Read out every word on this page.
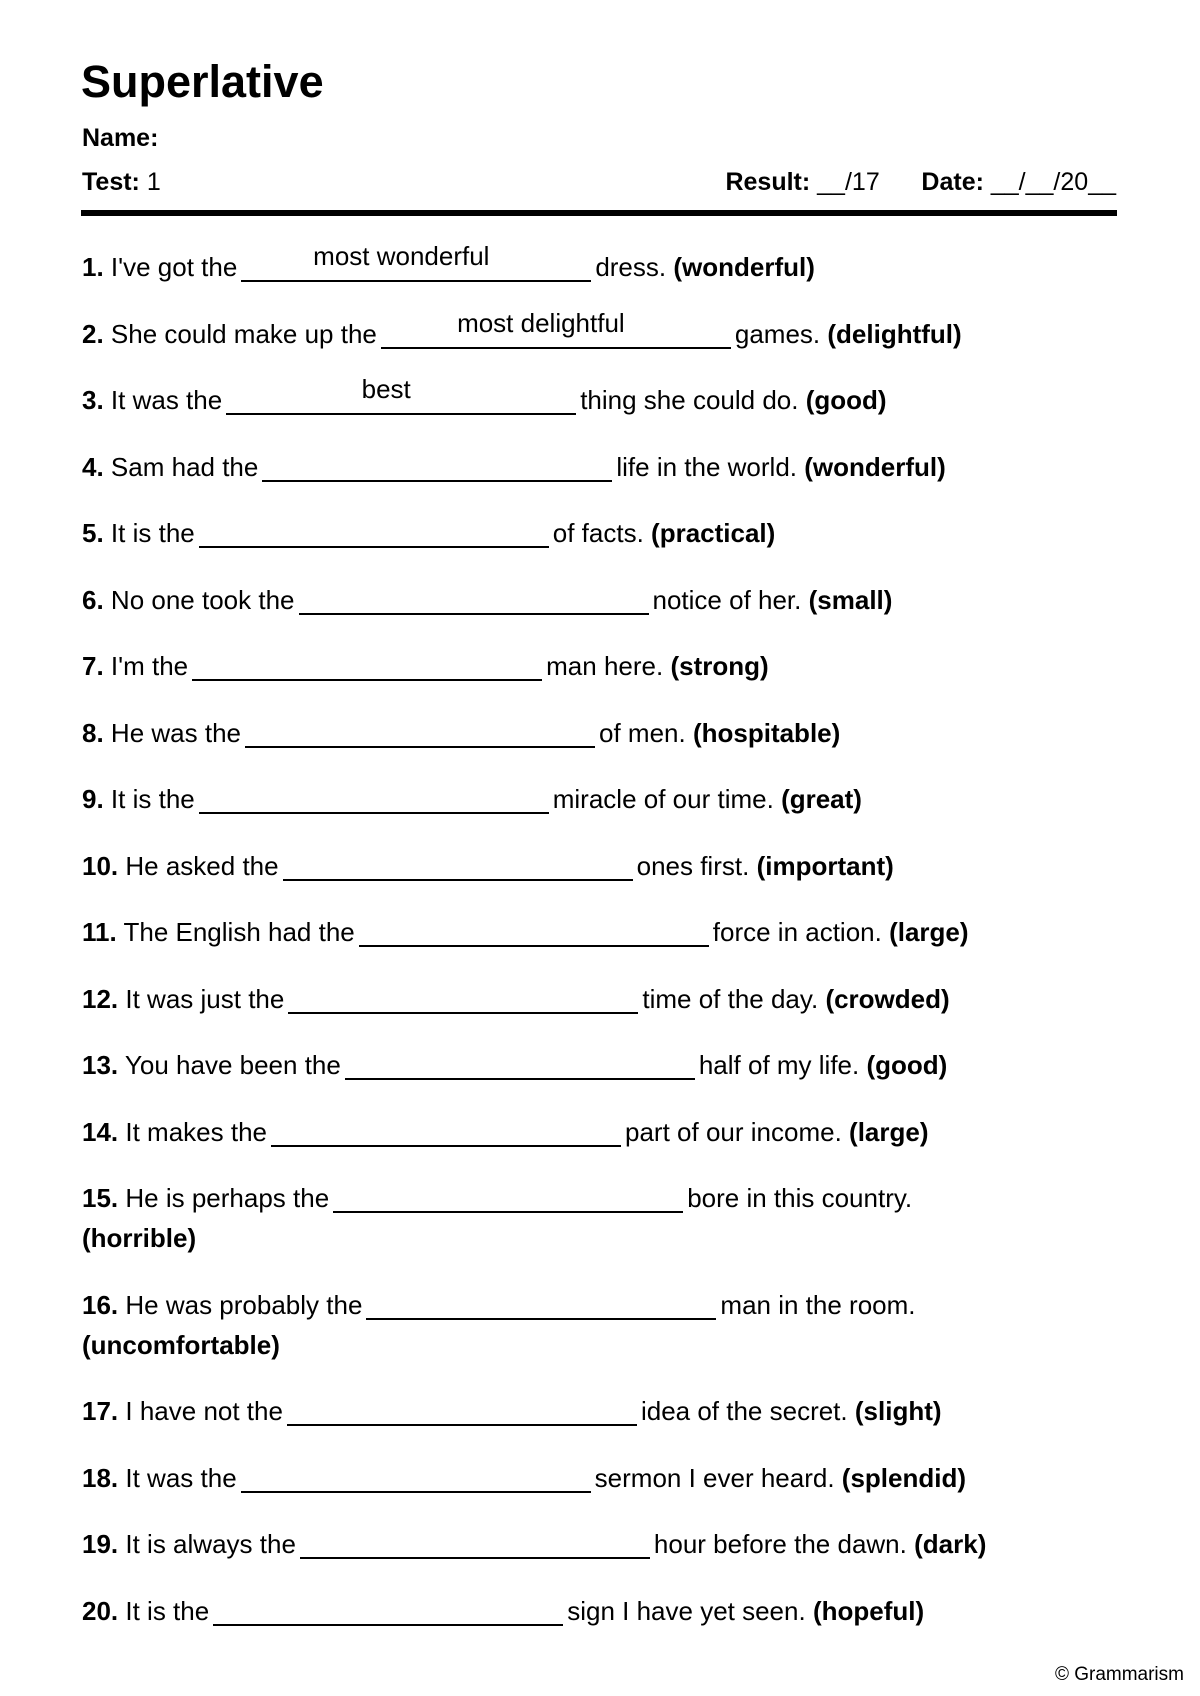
Superlative
Name:
Test: 1	Result: __/17 Date: __/__/20__
1. I've got the	most wonderful	dress. (wonderful)
2. She could make up the	most delightful	games. (delightful)
3. It was the	best	thing she could do. (good)
4. Sam had the	life in the world. (wonderful)
5. It is the	of facts. (practical)
6. No one took the	notice of her. (small)
7. I'm the	man here. (strong)
8. He was the	of men. (hospitable)
9. It is the	miracle of our time. (great)
10. He asked the	ones first. (important)
11. The English had the	force in action. (large)
12. It was just the	time of the day. (crowded)
13. You have been the	half of my life. (good)
14. It makes the	part of our income. (large)
15. He is perhaps the	bore in this country.
(horrible)
16. He was probably the	man in the room.
(uncomfortable)
17. I have not the	idea of the secret. (slight)
18. It was the	sermon I ever heard. (splendid)
19. It is always the	hour before the dawn. (dark)
20. It is the	sign I have yet seen. (hopeful)
© Grammarism
